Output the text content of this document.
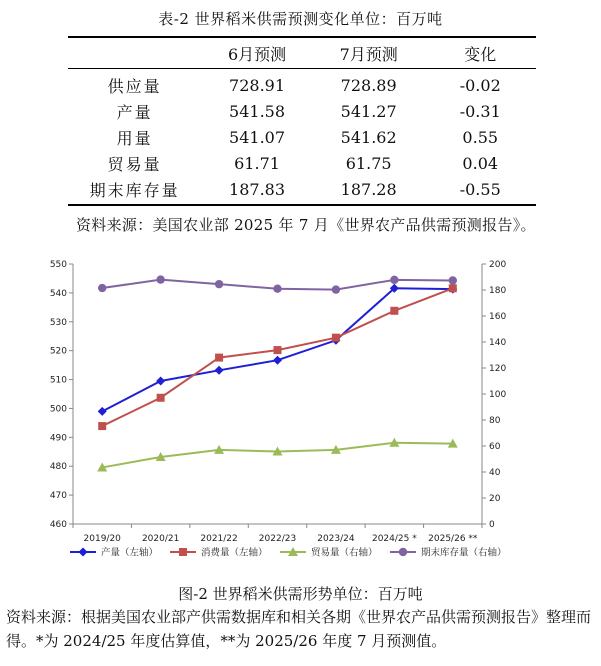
表-2 世界稻米供需预测变化单位：百万吨
	6月预测	7月预测	变化
供应量	728.91	728.89	-0.02
产量	541.58	541.27	-0.31
用量	541.07	541.62	0.55
贸易量	61.71	61.75	0.04
期末库存量	187.83	187.28	-0.55
资料来源：美国农业部 2025 年 7 月《世界农产品供需预测报告》。
460
470
480
490
500
510
520
530
540
550
0
20
40
60
80
100
120
140
160
180
200
2019/20 2020/21 2021/22 2022/23 2023/24 2024/25 * 2025/26 **
产量（左轴）	消费量（左轴）	贸易量（右轴）	期末库存量（右轴）
图-2 世界稻米供需形势单位：百万吨
资料来源：根据美国农业部产供需数据库和相关各期《世界农产品供需预测报告》整理而得。*为 2024/25 年度估算值，**为 2025/26 年度 7 月预测值。
